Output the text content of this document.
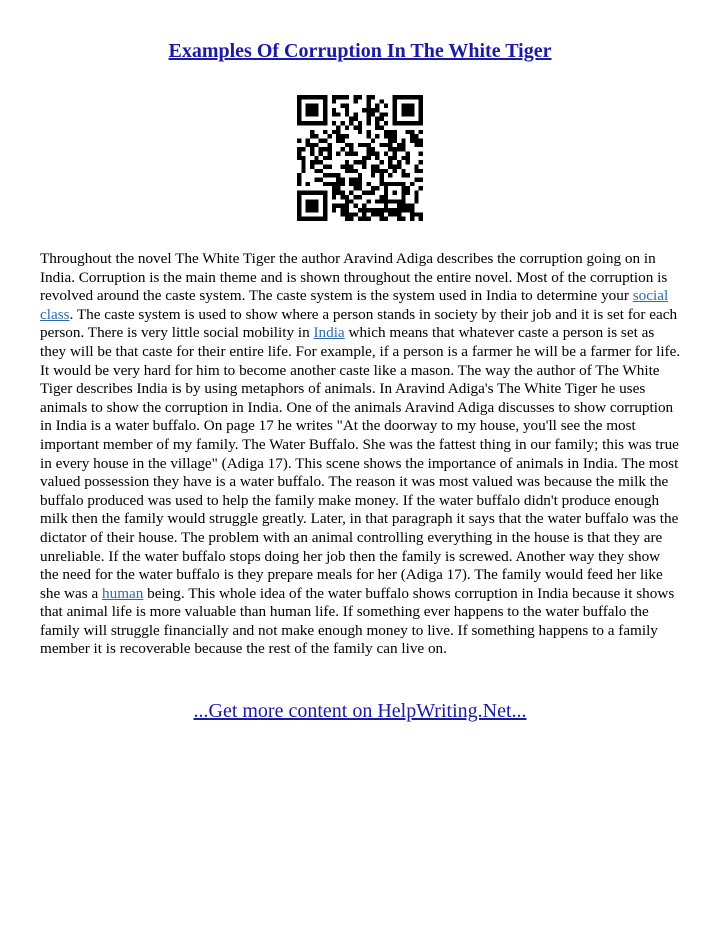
Examples Of Corruption In The White Tiger

Throughout the novel The White Tiger the author Aravind Adiga describes the corruption going on in India. Corruption is the main theme and is shown throughout the entire novel. Most of the corruption is revolved around the caste system. The caste system is the system used in India to determine your social class. The caste system is used to show where a person stands in society by their job and it is set for each person. There is very little social mobility in India which means that whatever caste a person is set as they will be that caste for their entire life. For example, if a person is a farmer he will be a farmer for life. It would be very hard for him to become another caste like a mason. The way the author of The White Tiger describes India is by using metaphors of animals. In Aravind Adiga's The White Tiger he uses animals to show the corruption in India. One of the animals Aravind Adiga discusses to show corruption in India is a water buffalo. On page 17 he writes "At the doorway to my house, you'll see the most important member of my family. The Water Buffalo. She was the fattest thing in our family; this was true in every house in the village" (Adiga 17). This scene shows the importance of animals in India. The most valued possession they have is a water buffalo. The reason it was most valued was because the milk the buffalo produced was used to help the family make money. If the water buffalo didn't produce enough milk then the family would struggle greatly. Later, in that paragraph it says that the water buffalo was the dictator of their house. The problem with an animal controlling everything in the house is that they are unreliable. If the water buffalo stops doing her job then the family is screwed. Another way they show the need for the water buffalo is they prepare meals for her (Adiga 17). The family would feed her like she was a human being. This whole idea of the water buffalo shows corruption in India because it shows that animal life is more valuable than human life. If something ever happens to the water buffalo the family will struggle financially and not make enough money to live. If something happens to a family member it is recoverable because the rest of the family can live on.

...Get more content on HelpWriting.Net...
